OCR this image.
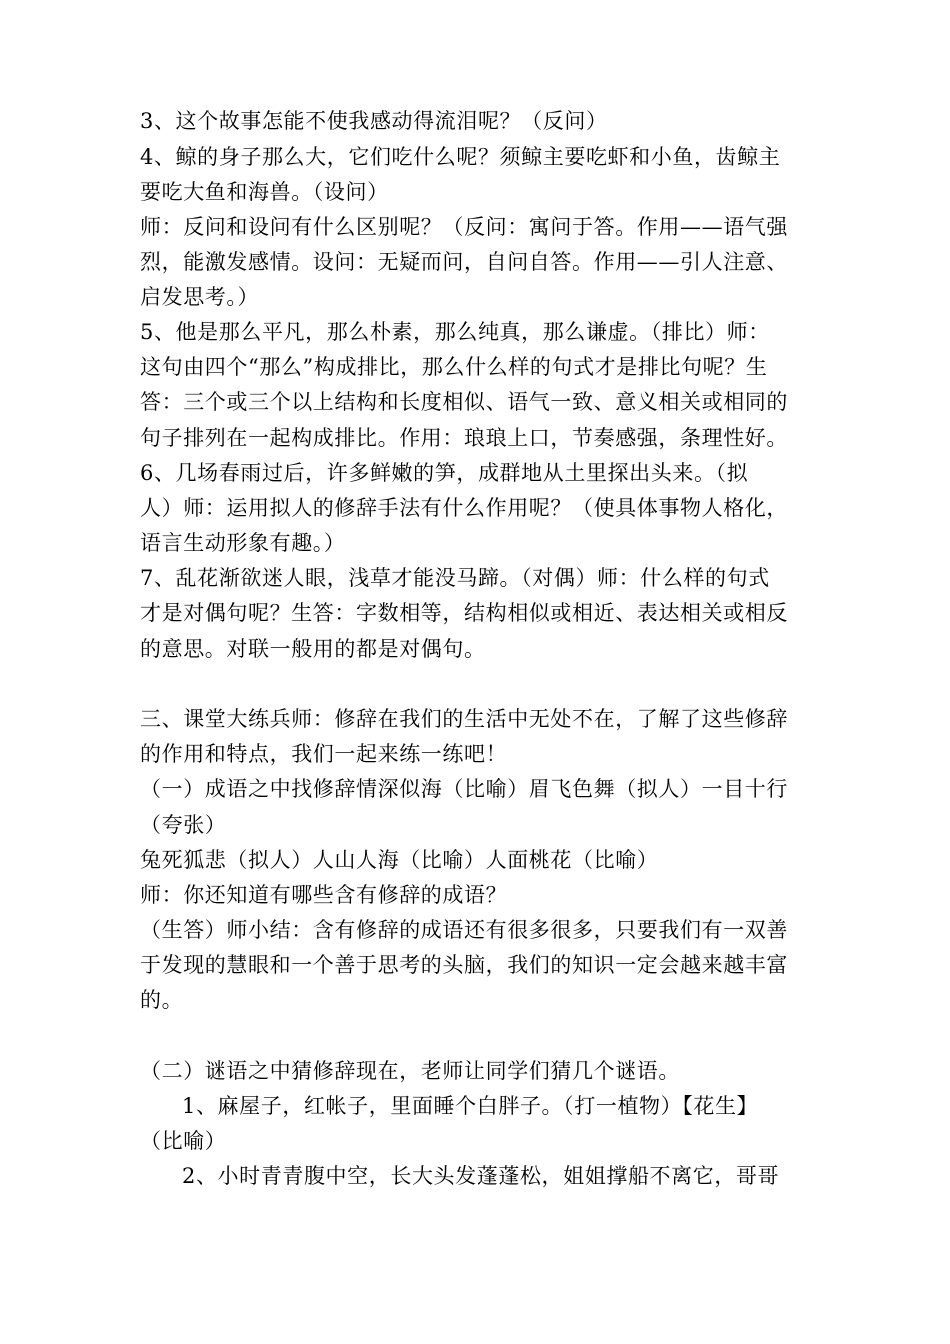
3、这个故事怎能不使我感动得流泪呢？（反问）
4、鲸的身子那么大，它们吃什么呢？须鲸主要吃虾和小鱼，齿鲸主
要吃大鱼和海兽。（设问）
师：反问和设问有什么区别呢？（反问：寓问于答。作用——语气强
烈，能激发感情。设问：无疑而问，自问自答。作用——引人注意、
启发思考。）
5、他是那么平凡，那么朴素，那么纯真，那么谦虚。（排比）师：
这句由四个“那么”构成排比，那么什么样的句式才是排比句呢？生
答：三个或三个以上结构和长度相似、语气一致、意义相关或相同的
句子排列在一起构成排比。作用：琅琅上口，节奏感强，条理性好。
6、几场春雨过后，许多鲜嫩的笋，成群地从土里探出头来。（拟
人）师：运用拟人的修辞手法有什么作用呢？（使具体事物人格化，
语言生动形象有趣。）
7、乱花渐欲迷人眼，浅草才能没马蹄。（对偶）师：什么样的句式
才是对偶句呢？生答：字数相等，结构相似或相近、表达相关或相反
的意思。对联一般用的都是对偶句。
三、课堂大练兵师：修辞在我们的生活中无处不在，了解了这些修辞
的作用和特点，我们一起来练一练吧！
（一）成语之中找修辞情深似海（比喻）眉飞色舞（拟人）一目十行
（夸张）
兔死狐悲（拟人）人山人海（比喻）人面桃花（比喻）
师：你还知道有哪些含有修辞的成语？
（生答）师小结：含有修辞的成语还有很多很多，只要我们有一双善
于发现的慧眼和一个善于思考的头脑，我们的知识一定会越来越丰富
的。
（二）谜语之中猜修辞现在，老师让同学们猜几个谜语。
1、麻屋子，红帐子，里面睡个白胖子。（打一植物）【花生】
（比喻）
2、小时青青腹中空，长大头发蓬蓬松，姐姐撑船不离它，哥哥
